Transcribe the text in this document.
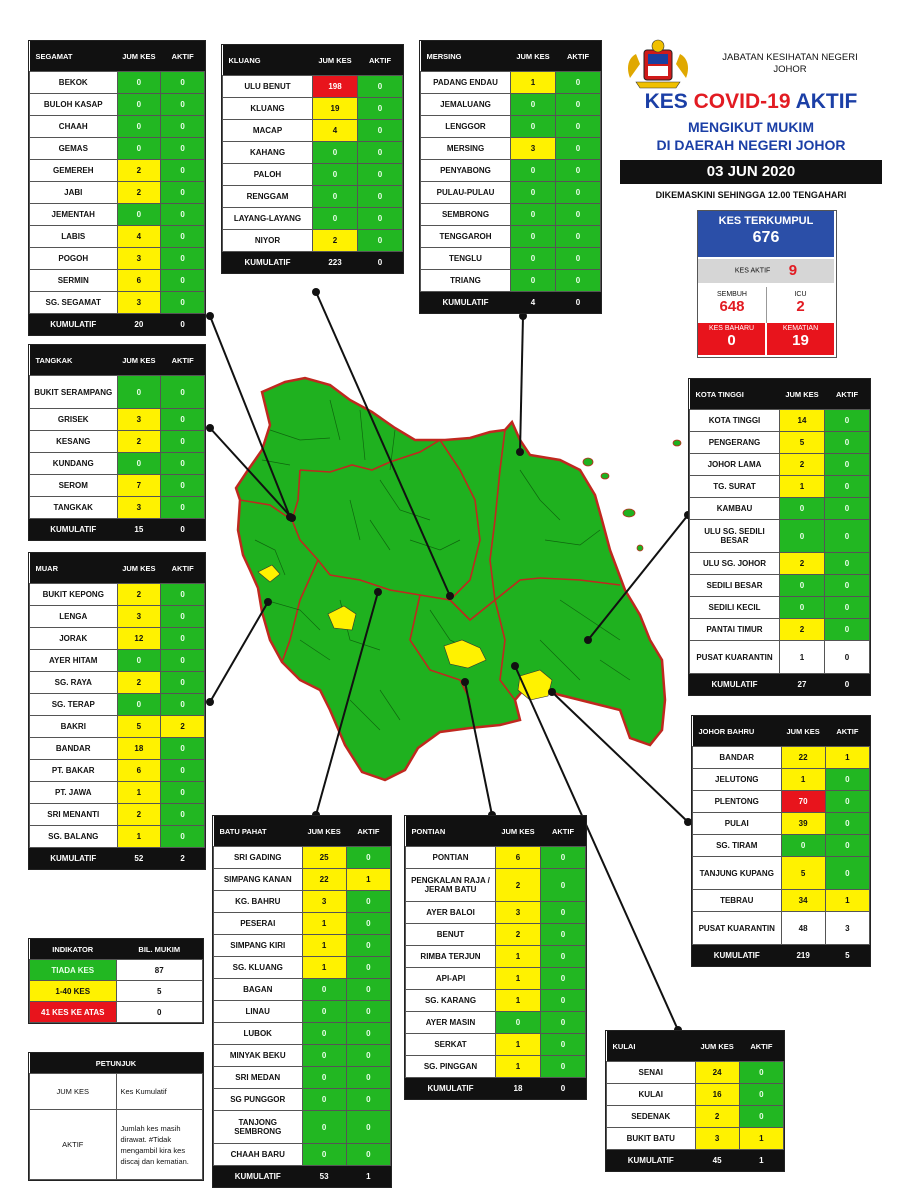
JABATAN KESIHATAN NEGERI
JOHOR
KES COVID-19 AKTIF
MENGIKUT MUKIM
DI DAERAH NEGERI JOHOR
03 JUN 2020
DIKEMASKINI SEHINGGA 12.00 TENGAHARI
KES TERKUMPUL
676
KES AKTIF 9
SEMBUH
648
ICU
2
KES BAHARU
0
KEMATIAN
19
SEGAMAT	JUM KES	AKTIF
BEKOK	0	0
BULOH KASAP	0	0
CHAAH	0	0
GEMAS	0	0
GEMEREH	2	0
JABI	2	0
JEMENTAH	0	0
LABIS	4	0
POGOH	3	0
SERMIN	6	0
SG. SEGAMAT	3	0
KUMULATIF	20	0
KLUANG	JUM KES	AKTIF
ULU BENUT	198	0
KLUANG	19	0
MACAP	4	0
KAHANG	0	0
PALOH	0	0
RENGGAM	0	0
LAYANG-LAYANG	0	0
NIYOR	2	0
KUMULATIF	223	0
MERSING	JUM KES	AKTIF
PADANG ENDAU	1	0
JEMALUANG	0	0
LENGGOR	0	0
MERSING	3	0
PENYABONG	0	0
PULAU-PULAU	0	0
SEMBRONG	0	0
TENGGAROH	0	0
TENGLU	0	0
TRIANG	0	0
KUMULATIF	4	0
TANGKAK	JUM KES	AKTIF
BUKIT SERAMPANG	0	0
GRISEK	3	0
KESANG	2	0
KUNDANG	0	0
SEROM	7	0
TANGKAK	3	0
KUMULATIF	15	0
MUAR	JUM KES	AKTIF
BUKIT KEPONG	2	0
LENGA	3	0
JORAK	12	0
AYER HITAM	0	0
SG. RAYA	2	0
SG. TERAP	0	0
BAKRI	5	2
BANDAR	18	0
PT. BAKAR	6	0
PT. JAWA	1	0
SRI MENANTI	2	0
SG. BALANG	1	0
KUMULATIF	52	2
KOTA TINGGI	JUM KES	AKTIF
KOTA TINGGI	14	0
PENGERANG	5	0
JOHOR LAMA	2	0
TG. SURAT	1	0
KAMBAU	0	0
ULU SG. SEDILI BESAR	0	0
ULU SG. JOHOR	2	0
SEDILI BESAR	0	0
SEDILI KECIL	0	0
PANTAI TIMUR	2	0
PUSAT KUARANTIN	1	0
KUMULATIF	27	0
JOHOR BAHRU	JUM KES	AKTIF
BANDAR	22	1
JELUTONG	1	0
PLENTONG	70	0
PULAI	39	0
SG. TIRAM	0	0
TANJUNG KUPANG	5	0
TEBRAU	34	1
PUSAT KUARANTIN	48	3
KUMULATIF	219	5
BATU PAHAT	JUM KES	AKTIF
SRI GADING	25	0
SIMPANG KANAN	22	1
KG. BAHRU	3	0
PESERAI	1	0
SIMPANG KIRI	1	0
SG. KLUANG	1	0
BAGAN	0	0
LINAU	0	0
LUBOK	0	0
MINYAK BEKU	0	0
SRI MEDAN	0	0
SG PUNGGOR	0	0
TANJONG SEMBRONG	0	0
CHAAH BARU	0	0
KUMULATIF	53	1
PONTIAN	JUM KES	AKTIF
PONTIAN	6	0
PENGKALAN RAJA / JERAM BATU	2	0
AYER BALOI	3	0
BENUT	2	0
RIMBA TERJUN	1	0
API-API	1	0
SG. KARANG	1	0
AYER MASIN	0	0
SERKAT	1	0
SG. PINGGAN	1	0
KUMULATIF	18	0
KULAI	JUM KES	AKTIF
SENAI	24	0
KULAI	16	0
SEDENAK	2	0
BUKIT BATU	3	1
KUMULATIF	45	1
INDIKATOR	BIL. MUKIM
TIADA KES	87
1-40 KES	5
41 KES KE ATAS	0
PETUNJUK	
JUM KES	Kes Kumulatif
AKTIF	Jumlah kes masih dirawat. #Tidak mengambil kira kes discaj dan kematian.
